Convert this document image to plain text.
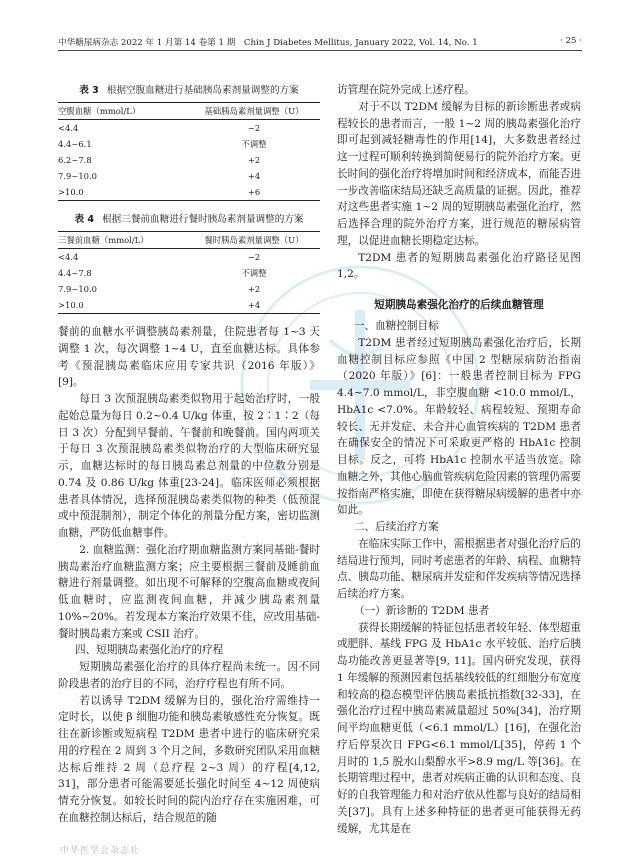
中华糖尿病杂志 2022 年 1 月第 14 卷第 1 期　Chin J Diabetes Mellitus, January 2022, Vol. 14, No. 1	· 25 ·

表 3 根据空腹血糖进行基础胰岛素剂量调整的方案

空腹血糖（mmol/L）	基础胰岛素剂量调整（U）
<4.4	−2
4.4~6.1	不调整
6.2~7.8	+2
7.9~10.0	+4
>10.0	+6

表 4 根据三餐前血糖进行餐时胰岛素剂量调整的方案

三餐前血糖（mmol/L）	餐时胰岛素剂量调整（U）
<4.4	−2
4.4~7.8	不调整
7.9~10.0	+2
>10.0	+4

餐前的血糖水平调整胰岛素剂量，住院患者每 1~3 天调整 1 次，每次调整 1~4 U，直至血糖达标。具体参考《预混胰岛素临床应用专家共识（2016 年版）》[9]。

每日 3 次预混胰岛素类似物用于起始治疗时，一般起始总量为每日 0.2~0.4 U/kg 体重，按 2∶1∶2（每日 3 次）分配到早餐前、午餐前和晚餐前。国内两项关于每日 3 次预混胰岛素类似物治疗的大型临床研究显示，血糖达标时的每日胰岛素总剂量的中位数分别是 0.74 及 0.86 U/kg 体重[23-24]。临床医师必须根据患者具体情况，选择预混胰岛素类似物的种类（低预混或中预混制剂），制定个体化的剂量分配方案，密切监测血糖，严防低血糖事件。

2. 血糖监测：强化治疗期血糖监测方案同基础-餐时胰岛素治疗血糖监测方案；应主要根据三餐前及睡前血糖进行剂量调整。如出现不可解释的空腹高血糖或夜间低血糖时，应监测夜间血糖，并减少胰岛素剂量 10%~20%。若发现本方案治疗效果不佳，应改用基础-餐时胰岛素方案或 CSII 治疗。

四、短期胰岛素强化治疗的疗程

短期胰岛素强化治疗的具体疗程尚未统一。因不同阶段患者的治疗目的不同，治疗疗程也有所不同。

若以诱导 T2DM 缓解为目的，强化治疗需维持一定时长，以使 β 细胞功能和胰岛素敏感性充分恢复。既往在新诊断或短病程 T2DM 患者中进行的临床研究采用的疗程在 2 周到 3 个月之间，多数研究团队采用血糖达标后维持 2 周（总疗程 2~3 周）的疗程[4,12, 31]，部分患者可能需要延长强化时间至 4~12 周使病情充分恢复。如较长时间的院内治疗存在实施困难，可在血糖控制达标后，结合规范的随

访管理在院外完成上述疗程。

对于不以 T2DM 缓解为目标的新诊断患者或病程较长的患者而言，一般 1~2 周的胰岛素强化治疗即可起到减轻糖毒性的作用[14]，大多数患者经过这一过程可顺利转换到简便易行的院外治疗方案。更长时间的强化治疗将增加时间和经济成本，而能否进一步改善临床结局还缺乏高质量的证据。因此，推荐对这些患者实施 1~2 周的短期胰岛素强化治疗，然后选择合理的院外治疗方案，进行规范的糖尿病管理，以促进血糖长期稳定达标。

T2DM 患者的短期胰岛素强化治疗路径见图 1,2。

短期胰岛素强化治疗的后续血糖管理

一、血糖控制目标

T2DM 患者经过短期胰岛素强化治疗后，长期血糖控制目标应参照《中国 2 型糖尿病防治指南（2020 年版）》[6]：一般患者控制目标为 FPG 4.4~7.0 mmol/L，非空腹血糖 <10.0 mmol/L，HbA1c <7.0%。年龄较轻、病程较短、预期寿命较长、无并发症、未合并心血管疾病的 T2DM 患者在确保安全的情况下可采取更严格的 HbA1c 控制目标。反之，可将 HbA1c 控制水平适当放宽。除血糖之外，其他心脑血管疾病危险因素的管理仍需要按指南严格实施，即使在获得糖尿病缓解的患者中亦如此。

二、后续治疗方案

在临床实际工作中，需根据患者对强化治疗后的结局进行预判，同时考虑患者的年龄、病程、血糖特点、胰岛功能、糖尿病并发症和伴发疾病等情况选择后续治疗方案。

（一）新诊断的 T2DM 患者

获得长期缓解的特征包括患者较年轻、体型超重或肥胖、基线 FPG 及 HbA1c 水平较低、治疗后胰岛功能改善更显著等[9, 11]。国内研究发现，获得 1 年缓解的预测因素包括基线较低的红细胞分布宽度和较高的稳态模型评估胰岛素抵抗指数[32-33]，在强化治疗过程中胰岛素减量超过 50%[34]，治疗期间平均血糖更低（<6.1 mmol/L）[16]，在强化治疗后停泵次日 FPG<6.1 mmol/L[35]，停药 1 个月时的 1,5 脱水山梨醇水平>8.9 mg/L 等[36]。在长期管理过程中，患者对疾病正确的认识和态度、良好的自我管理能力和对治疗依从性都与良好的结局相关[37]。具有上述多种特征的患者更可能获得无药缓解，尤其是在

中华医学会杂志社
